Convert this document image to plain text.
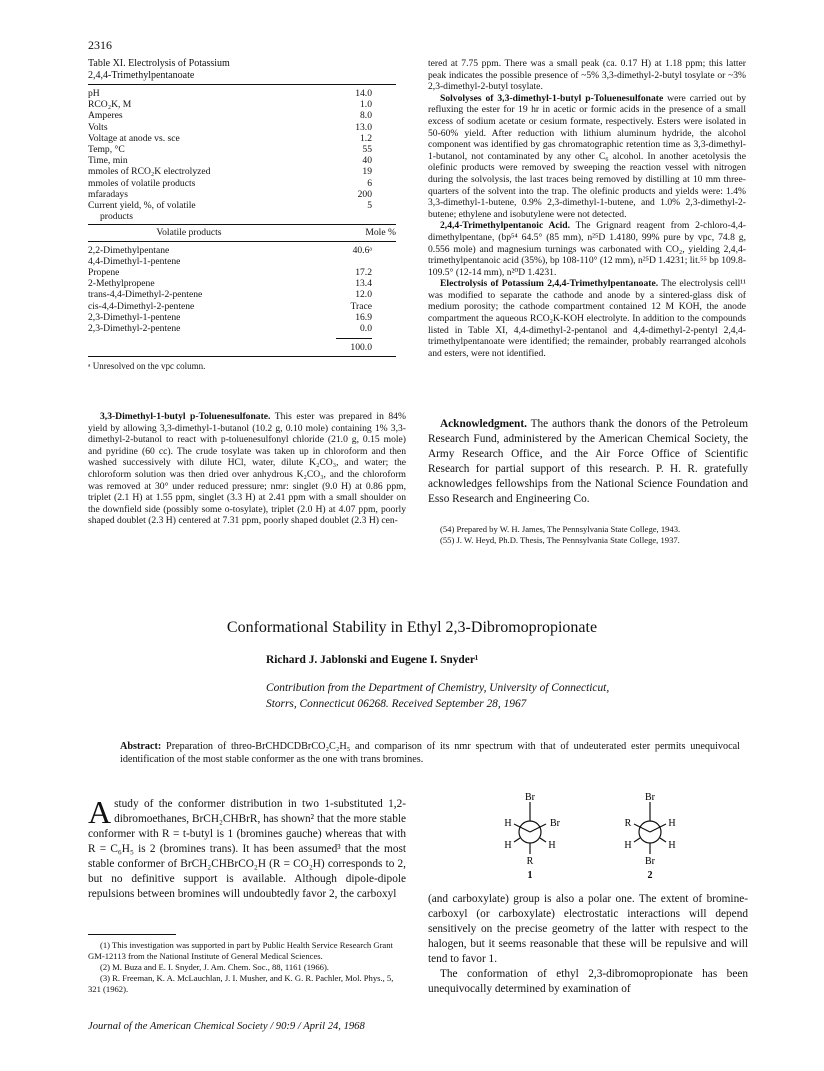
2316
Table XI. Electrolysis of Potassium
2,4,4-Trimethylpentanoate
pH	14.0
RCO₂K, M	1.0
Amperes	8.0
Volts	13.0
Voltage at anode vs. sce	1.2
Temp, °C	55
Time, min	40
mmoles of RCO₂K electrolyzed	19
mmoles of volatile products	6
mfaradays	200
Current yield, %, of volatile	5
products	
Volatile products	Mole %

2,2-Dimethylpentane	40.6ᵃ
4,4-Dimethyl-1-pentene	
Propene	17.2
2-Methylpropene	13.4
trans-4,4-Dimethyl-2-pentene	12.0
cis-4,4-Dimethyl-2-pentene	Trace
2,3-Dimethyl-1-pentene	16.9
2,3-Dimethyl-2-pentene	0.0
	100.0
ᵃ Unresolved on the vpc column.

3,3-Dimethyl-1-butyl p-Toluenesulfonate. This ester was prepared in 84% yield by allowing 3,3-dimethyl-1-butanol (10.2 g, 0.10 mole) containing 1% 3,3-dimethyl-2-butanol to react with p-toluenesulfonyl chloride (21.0 g, 0.15 mole) and pyridine (60 cc). The crude tosylate was taken up in chloroform and then washed successively with dilute HCl, water, dilute K₂CO₃, and water; the chloroform solution was then dried over anhydrous K₂CO₃, and the chloroform was removed at 30° under reduced pressure; nmr: singlet (9.0 H) at 0.86 ppm, triplet (2.1 H) at 1.55 ppm, singlet (3.3 H) at 2.41 ppm with a small shoulder on the downfield side (possibly some o-tosylate), triplet (2.0 H) at 4.07 ppm, poorly shaped doublet (2.3 H) centered at 7.31 ppm, poorly shaped doublet (2.3 H) cen-

tered at 7.75 ppm. There was a small peak (ca. 0.17 H) at 1.18 ppm; this latter peak indicates the possible presence of ~5% 3,3-dimethyl-2-butyl tosylate or ~3% 2,3-dimethyl-2-butyl tosylate.

Solvolyses of 3,3-dimethyl-1-butyl p-Toluenesulfonate were carried out by refluxing the ester for 19 hr in acetic or formic acids in the presence of a small excess of sodium acetate or cesium formate, respectively. Esters were isolated in 50-60% yield. After reduction with lithium aluminum hydride, the alcohol component was identified by gas chromatographic retention time as 3,3-dimethyl-1-butanol, not contaminated by any other C₆ alcohol. In another acetolysis the olefinic products were removed by sweeping the reaction vessel with nitrogen during the solvolysis, the last traces being removed by distilling at 10 mm three-quarters of the solvent into the trap. The olefinic products and yields were: 1.4% 3,3-dimethyl-1-butene, 0.9% 2,3-dimethyl-1-butene, and 1.0% 2,3-dimethyl-2-butene; ethylene and isobutylene were not detected.

2,4,4-Trimethylpentanoic Acid. The Grignard reagent from 2-chloro-4,4-dimethylpentane, (bp⁵⁴ 64.5° (85 mm), n²⁵D 1.4180, 99% pure by vpc, 74.8 g, 0.556 mole) and magnesium turnings was carbonated with CO₂, yielding 2,4,4-trimethylpentanoic acid (35%), bp 108-110° (12 mm), n²⁵D 1.4231; lit.⁵⁵ bp 109.8-109.5° (12-14 mm), n²⁰D 1.4231.

Electrolysis of Potassium 2,4,4-Trimethylpentanoate. The electrolysis cell¹¹ was modified to separate the cathode and anode by a sintered-glass disk of medium porosity; the cathode compartment contained 12 M KOH, the anode compartment the aqueous RCO₂K-KOH electrolyte. In addition to the compounds listed in Table XI, 4,4-dimethyl-2-pentanol and 4,4-dimethyl-2-pentyl 2,4,4-trimethylpentanoate were identified; the remainder, probably rearranged alcohols and esters, were not identified.

Acknowledgment. The authors thank the donors of the Petroleum Research Fund, administered by the American Chemical Society, the Army Research Office, and the Air Force Office of Scientific Research for partial support of this research. P. H. R. gratefully acknowledges fellowships from the National Science Foundation and Esso Research and Engineering Co.
(54) Prepared by W. H. James, The Pennsylvania State College, 1943.
(55) J. W. Heyd, Ph.D. Thesis, The Pennsylvania State College, 1937.
Conformational Stability in Ethyl 2,3-Dibromopropionate
Richard J. Jablonski and Eugene I. Snyder¹
Contribution from the Department of Chemistry, University of Connecticut,
Storrs, Connecticut 06268. Received September 28, 1967
Abstract: Preparation of threo-BrCHDCDBrCO₂C₂H₅ and comparison of its nmr spectrum with that of undeuterated ester permits unequivocal identification of the most stable conformer as the one with trans bromines.
A study of the conformer distribution in two 1-substituted 1,2-dibromoethanes, BrCH₂CHBrR, has shown² that the more stable conformer with R = t-butyl is 1 (bromines gauche) whereas that with R = C₆H₅ is 2 (bromines trans). It has been assumed³ that the most stable conformer of BrCH₂CHBrCO₂H (R = CO₂H) corresponds to 2, but no definitive support is available. Although dipole-dipole repulsions between bromines will undoubtedly favor 2, the carboxyl
(1) This investigation was supported in part by Public Health Service Research Grant GM-12113 from the National Institute of General Medical Sciences.
(2) M. Buza and E. I. Snyder, J. Am. Chem. Soc., 88, 1161 (1966).
(3) R. Freeman, K. A. McLauchlan, J. I. Musher, and K. G. R. Pachler, Mol. Phys., 5, 321 (1962).
Br
H	Br
H	H
R
1
Br
R	H
H	H
Br
2

(and carboxylate) group is also a polar one. The extent of bromine-carboxyl (or carboxylate) electrostatic interactions will depend sensitively on the precise geometry of the latter with respect to the halogen, but it seems reasonable that these will be repulsive and will tend to favor 1.

The conformation of ethyl 2,3-dibromopropionate has been unequivocally determined by examination of

Journal of the American Chemical Society / 90:9 / April 24, 1968
